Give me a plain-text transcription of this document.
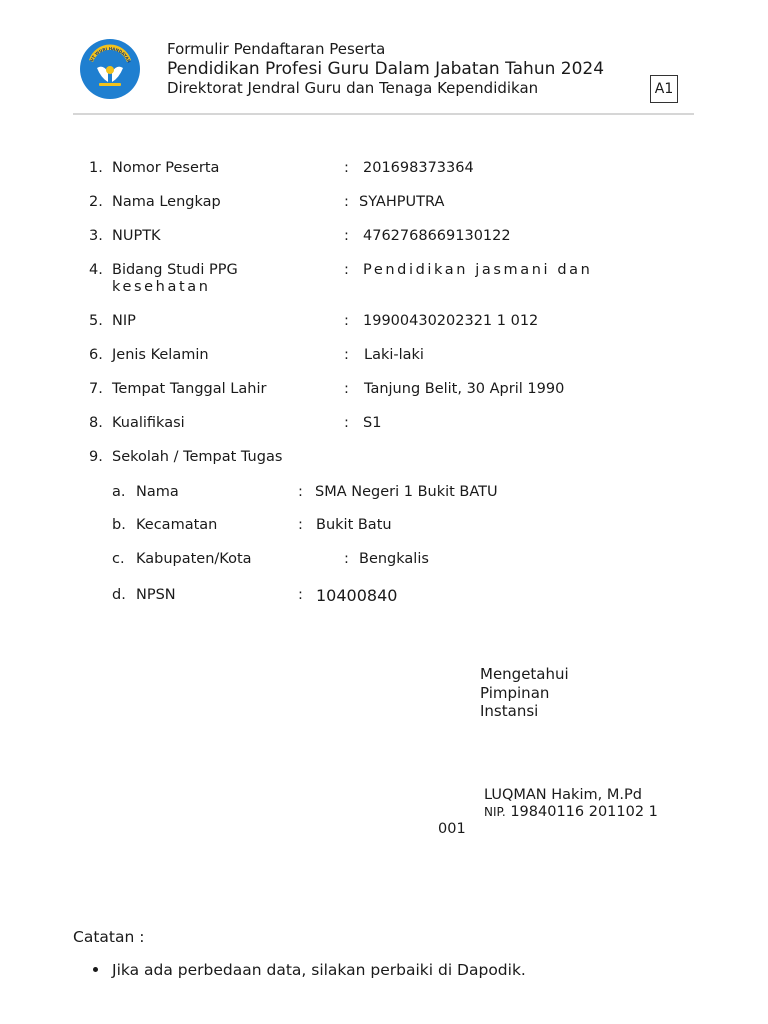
UT WURI HANDAYAN
Formulir Pendaftaran Peserta
Pendidikan Profesi Guru Dalam Jabatan Tahun 2024
Direktorat Jendral Guru dan Tenaga Kependidikan	A1
1. Nomor Peserta	: 201698373364
2. Nama Lengkap	: SYAHPUTRA
3. NUPTK	: 4762768669130122
4. Bidang Studi PPG	: Pendidikan jasmani dan
kesehatan
5. NIP	: 19900430202321 1 012
6. Jenis Kelamin	: Laki-laki
7. Tempat Tanggal Lahir	: Tanjung Belit, 30 April 1990
8. Kualifikasi	: S1
9. Sekolah / Tempat Tugas
a. Nama	: SMA Negeri 1 Bukit BATU
b. Kecamatan	: Bukit Batu
c. Kabupaten/Kota	: Bengkalis
d. NPSN	: 10400840
Mengetahui
Pimpinan
Instansi
LUQMAN Hakim, M.Pd
NIP. 19840116 201102 1
001
Catatan :
Jika ada perbedaan data, silakan perbaiki di Dapodik.
